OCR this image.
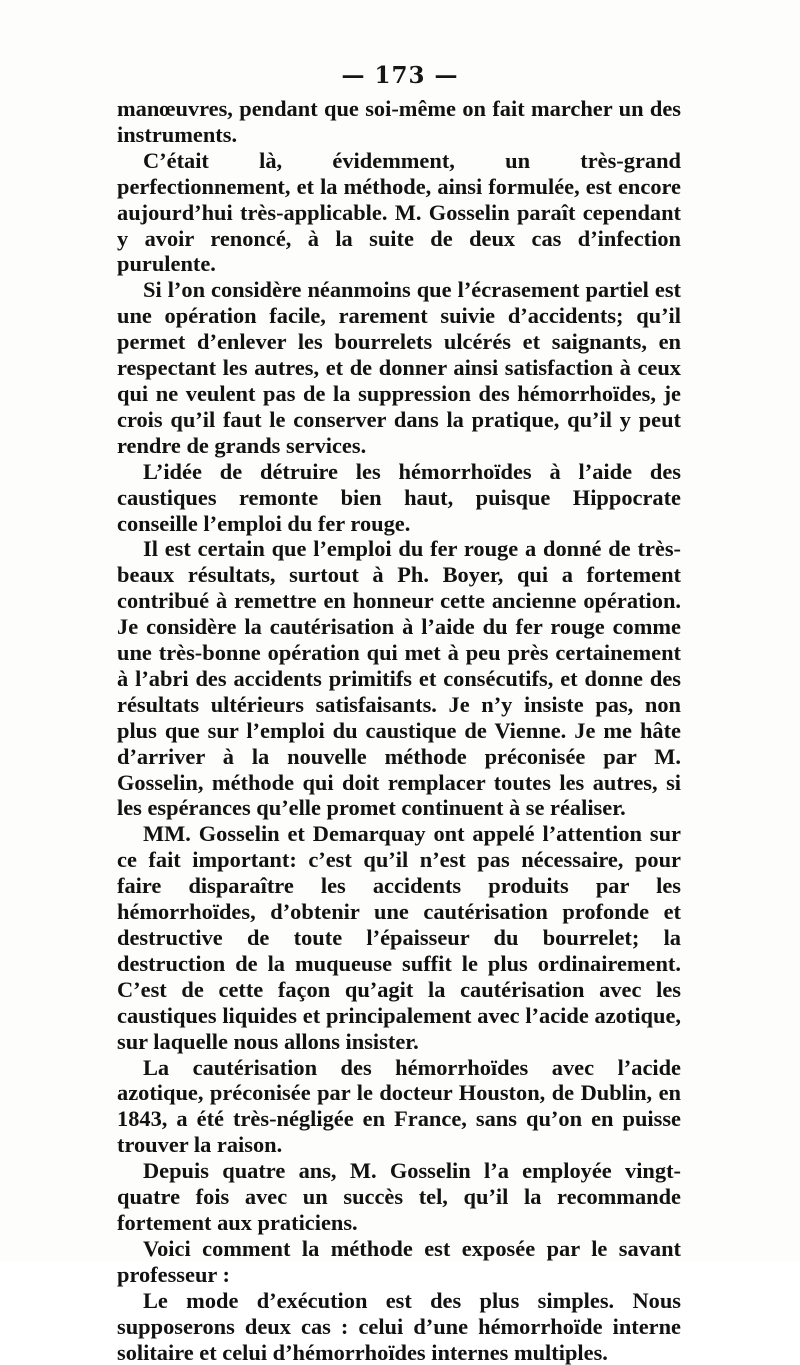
— 173 —

manœuvres, pendant que soi-même on fait marcher un des instruments.

C’était là, évidemment, un très-grand perfectionnement, et la méthode, ainsi formulée, est encore aujourd’hui très-applicable. M. Gosselin paraît cependant y avoir renoncé, à la suite de deux cas d’infection purulente.

Si l’on considère néanmoins que l’écrasement partiel est une opération facile, rarement suivie d’accidents; qu’il permet d’enlever les bourrelets ulcérés et saignants, en respectant les autres, et de donner ainsi satisfaction à ceux qui ne veulent pas de la suppression des hémorrhoïdes, je crois qu’il faut le conserver dans la pratique, qu’il y peut rendre de grands services.

L’idée de détruire les hémorrhoïdes à l’aide des caustiques remonte bien haut, puisque Hippocrate conseille l’emploi du fer rouge.

Il est certain que l’emploi du fer rouge a donné de très-beaux résultats, surtout à Ph. Boyer, qui a fortement contribué à remettre en honneur cette ancienne opération. Je considère la cautérisation à l’aide du fer rouge comme une très-bonne opération qui met à peu près certainement à l’abri des accidents primitifs et consécutifs, et donne des résultats ultérieurs satisfaisants. Je n’y insiste pas, non plus que sur l’emploi du caustique de Vienne. Je me hâte d’arriver à la nouvelle méthode préconisée par M. Gosselin, méthode qui doit remplacer toutes les autres, si les espérances qu’elle promet continuent à se réaliser.

MM. Gosselin et Demarquay ont appelé l’attention sur ce fait important: c’est qu’il n’est pas nécessaire, pour faire disparaître les accidents produits par les hémorrhoïdes, d’obtenir une cautérisation profonde et destructive de toute l’épaisseur du bourrelet; la destruction de la muqueuse suffit le plus ordinairement. C’est de cette façon qu’agit la cautérisation avec les caustiques liquides et principalement avec l’acide azotique, sur laquelle nous allons insister.

La cautérisation des hémorrhoïdes avec l’acide azotique, préconisée par le docteur Houston, de Dublin, en 1843, a été très-négligée en France, sans qu’on en puisse trouver la raison.

Depuis quatre ans, M. Gosselin l’a employée vingt-quatre fois avec un succès tel, qu’il la recommande fortement aux praticiens.

Voici comment la méthode est exposée par le savant professeur :

Le mode d’exécution est des plus simples. Nous supposerons deux cas : celui d’une hémorrhoïde interne solitaire et celui d’hémorrhoïdes internes multiples.
